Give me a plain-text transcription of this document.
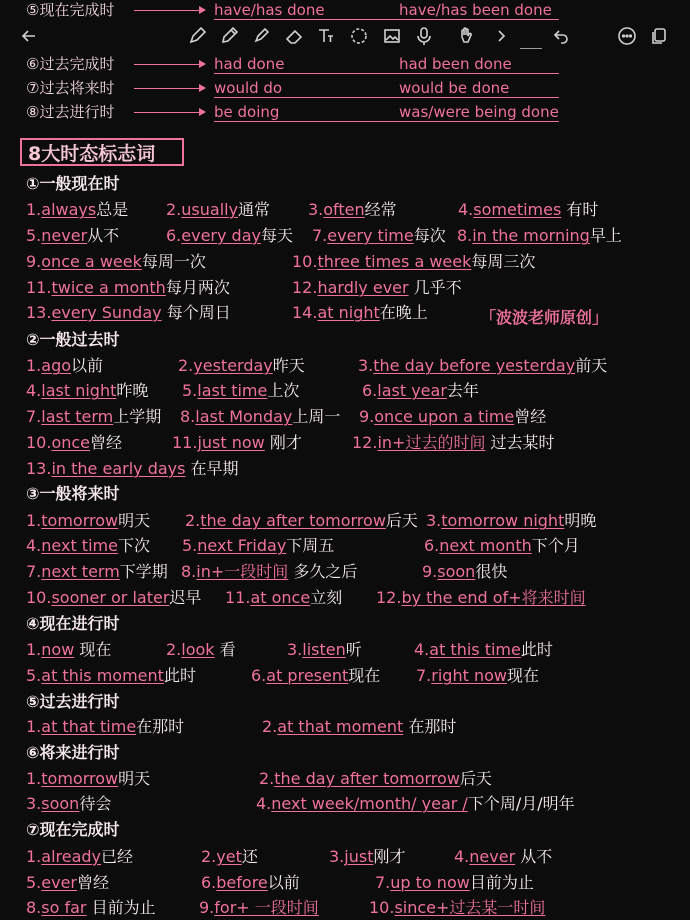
⑤现在完成时	have/has done	have/has been done
⑥过去完成时	had done	had been done
⑦过去将来时	would do	would be done
⑧过去进行时	be doing	was/were being done
8大时态标志词
「波波老师原创」
①一般现在时
1.always总是 2.usually通常 3.often经常	4.sometimes 有时
5.never从不	6.every day每天 7.every time每次 8.in the morning早上
9.once a week每周一次	10.three times a week每周三次
11.twice a month每月两次	12.hardly ever 几乎不
13.every Sunday 每个周日	14.at night在晚上
②一般过去时
1.ago以前	2.yesterday昨天	3.the day before yesterday前天
4.last night昨晚 5.last time上次	6.last year去年
7.last term上学期 8.last Monday上周一 9.once upon a time曾经
10.once曾经	11.just now 刚才	12.in+过去的时间 过去某时
13.in the early days 在早期
③一般将来时
1.tomorrow明天 2.the day after tomorrow后天 3.tomorrow night明晚
4.next time下次 5.next Friday下周五	6.next month下个月
7.next term下学期 8.in+一段时间 多久之后	9.soon很快
10.sooner or later迟早 11.at once立刻 12.by the end of+将来时间
④现在进行时
1.now 现在	2.look 看	3.listen听	4.at this time此时
5.at this moment此时	6.at present现在 7.right now现在
⑤过去进行时
1.at that time在那时	2.at that moment 在那时
⑥将来进行时
1.tomorrow明天	2.the day after tomorrow后天
3.soon待会	4.next week/month/ year /下个周/月/明年
⑦现在完成时
1.already已经	2.yet还	3.just刚才	4.never 从不
5.ever曾经	6.before以前	7.up to now目前为止
8.so far 目前为止	9.for+ 一段时间	10.since+过去某一时间
